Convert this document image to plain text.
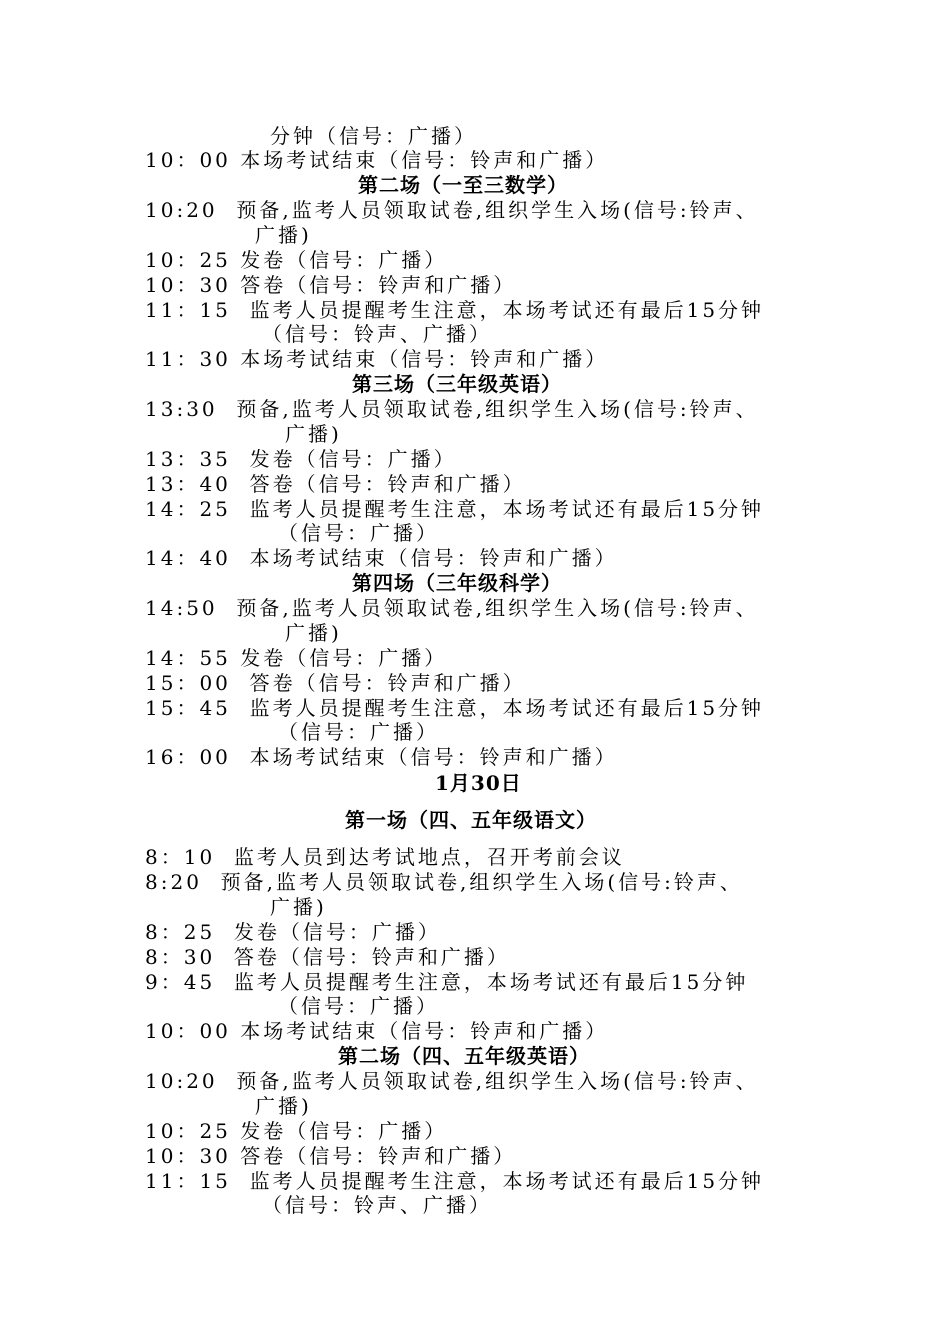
分钟（信号：广播）
10：00 本场考试结束（信号：铃声和广播）
第二场（一至三数学）
10:20  预备,监考人员领取试卷,组织学生入场(信号:铃声、
广播)
10：25 发卷（信号：广播）
10：30 答卷（信号：铃声和广播）
11：15  监考人员提醒考生注意，本场考试还有最后15分钟
（信号：铃声、广播）
11：30 本场考试结束（信号：铃声和广播）
第三场（三年级英语）
13:30  预备,监考人员领取试卷,组织学生入场(信号:铃声、
广播)
13：35  发卷（信号：广播）
13：40  答卷（信号：铃声和广播）
14：25  监考人员提醒考生注意，本场考试还有最后15分钟
（信号：广播）
14：40  本场考试结束（信号：铃声和广播）
第四场（三年级科学）
14:50  预备,监考人员领取试卷,组织学生入场(信号:铃声、
广播)
14：55 发卷（信号：广播）
15：00  答卷（信号：铃声和广播）
15：45  监考人员提醒考生注意，本场考试还有最后15分钟
（信号：广播）
16：00  本场考试结束（信号：铃声和广播）
1月30日
第一场（四、五年级语文）
8：10  监考人员到达考试地点，召开考前会议
8:20  预备,监考人员领取试卷,组织学生入场(信号:铃声、
广播)
8：25  发卷（信号：广播）
8：30  答卷（信号：铃声和广播）
9：45  监考人员提醒考生注意，本场考试还有最后15分钟
（信号：广播）
10：00 本场考试结束（信号：铃声和广播）
第二场（四、五年级英语）
10:20  预备,监考人员领取试卷,组织学生入场(信号:铃声、
广播)
10：25 发卷（信号：广播）
10：30 答卷（信号：铃声和广播）
11：15  监考人员提醒考生注意，本场考试还有最后15分钟
（信号：铃声、广播）
